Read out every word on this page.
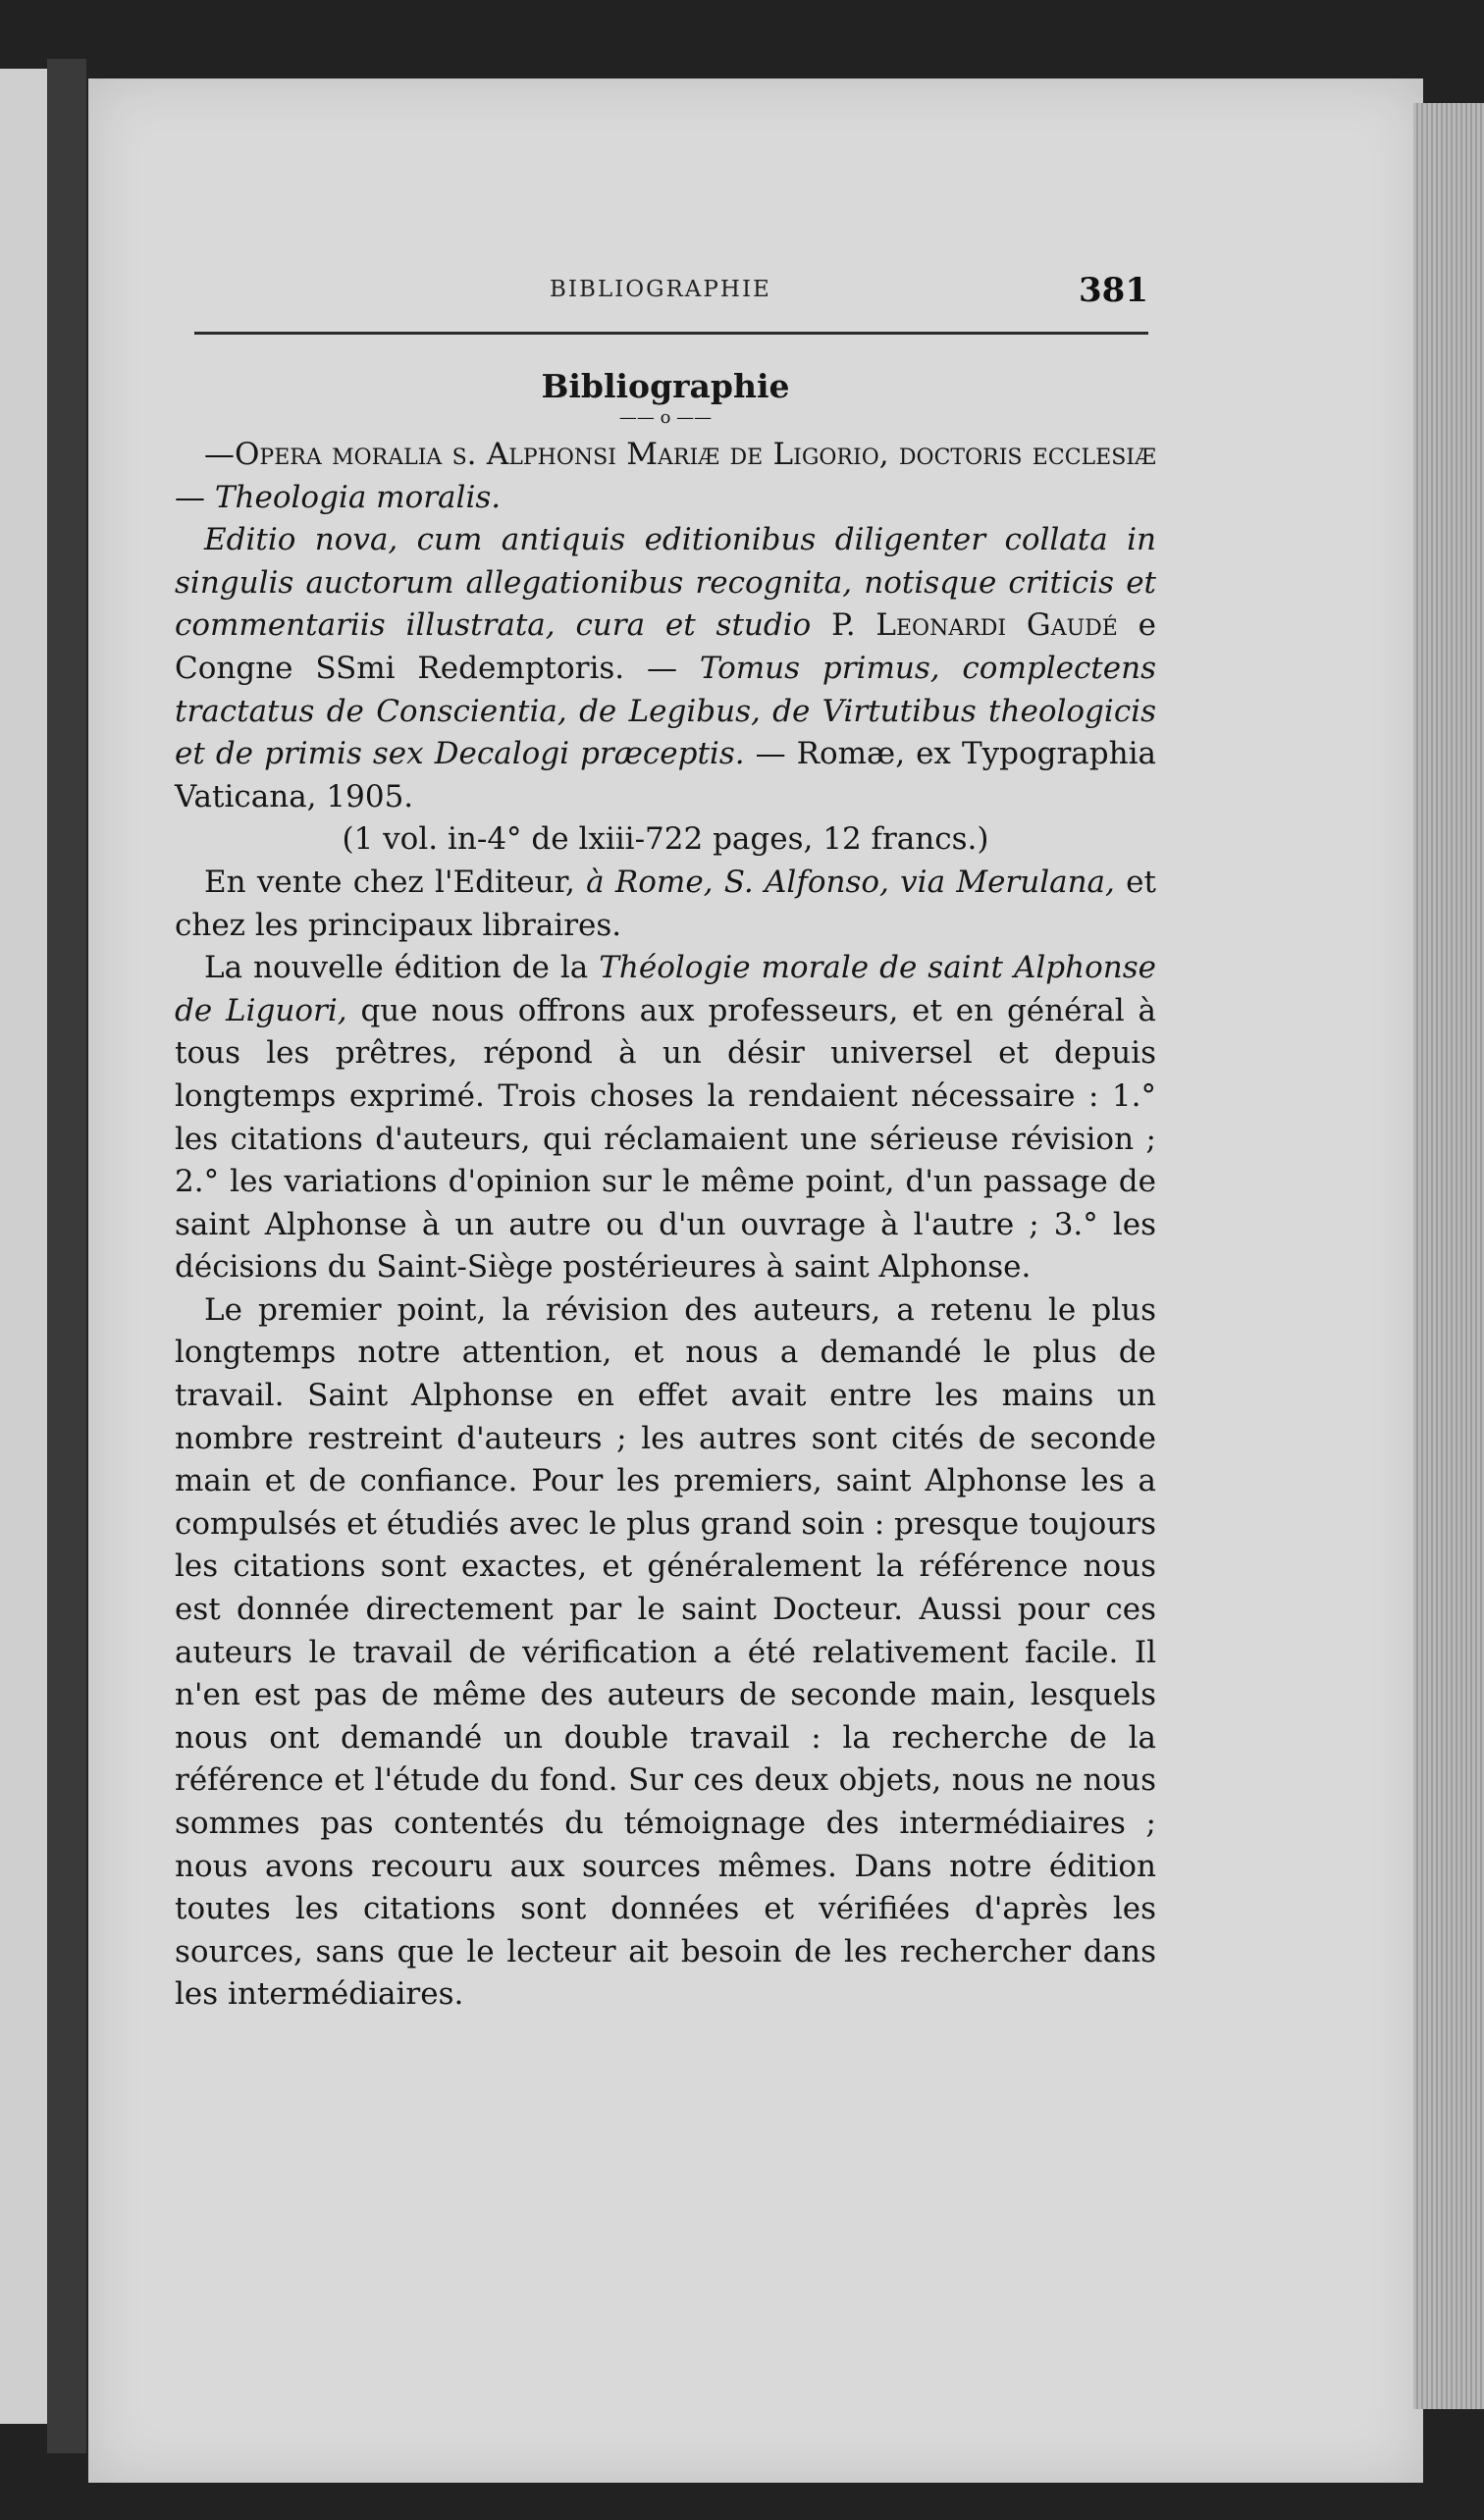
BIBLIOGRAPHIE	381
Bibliographie
—— o ——

—Opera moralia s. Alphonsi Mariæ de Ligorio, doctoris ecclesiæ — Theologia moralis.

Editio nova, cum antiquis editionibus diligenter collata in singulis auctorum allegationibus recognita, notisque criticis et commentariis illustrata, cura et studio P. Leonardi Gaudé e Congne SSmi Redemptoris. — Tomus primus, complectens tractatus de Conscientia, de Legibus, de Virtutibus theologicis et de primis sex Decalogi præceptis. — Romæ, ex Typographia Vaticana, 1905.

(1 vol. in-4° de lxiii-722 pages, 12 francs.)

En vente chez l'Editeur, à Rome, S. Alfonso, via Merulana, et chez les principaux libraires.

La nouvelle édition de la Théologie morale de saint Alphonse de Liguori, que nous offrons aux professeurs, et en général à tous les prêtres, répond à un désir universel et depuis longtemps exprimé. Trois choses la rendaient nécessaire : 1.° les citations d'auteurs, qui réclamaient une sérieuse révision ; 2.° les variations d'opinion sur le même point, d'un passage de saint Alphonse à un autre ou d'un ouvrage à l'autre ; 3.° les décisions du Saint-Siège postérieures à saint Alphonse.

Le premier point, la révision des auteurs, a retenu le plus longtemps notre attention, et nous a demandé le plus de travail. Saint Alphonse en effet avait entre les mains un nombre restreint d'auteurs ; les autres sont cités de seconde main et de confiance. Pour les premiers, saint Alphonse les a compulsés et étudiés avec le plus grand soin : presque toujours les citations sont exactes, et généralement la référence nous est donnée directement par le saint Docteur. Aussi pour ces auteurs le travail de vérification a été relativement facile. Il n'en est pas de même des auteurs de seconde main, lesquels nous ont demandé un double travail : la recherche de la référence et l'étude du fond. Sur ces deux objets, nous ne nous sommes pas contentés du témoignage des intermédiaires ; nous avons recouru aux sources mêmes. Dans notre édition toutes les citations sont données et vérifiées d'après les sources, sans que le lecteur ait besoin de les rechercher dans les intermédiaires.
